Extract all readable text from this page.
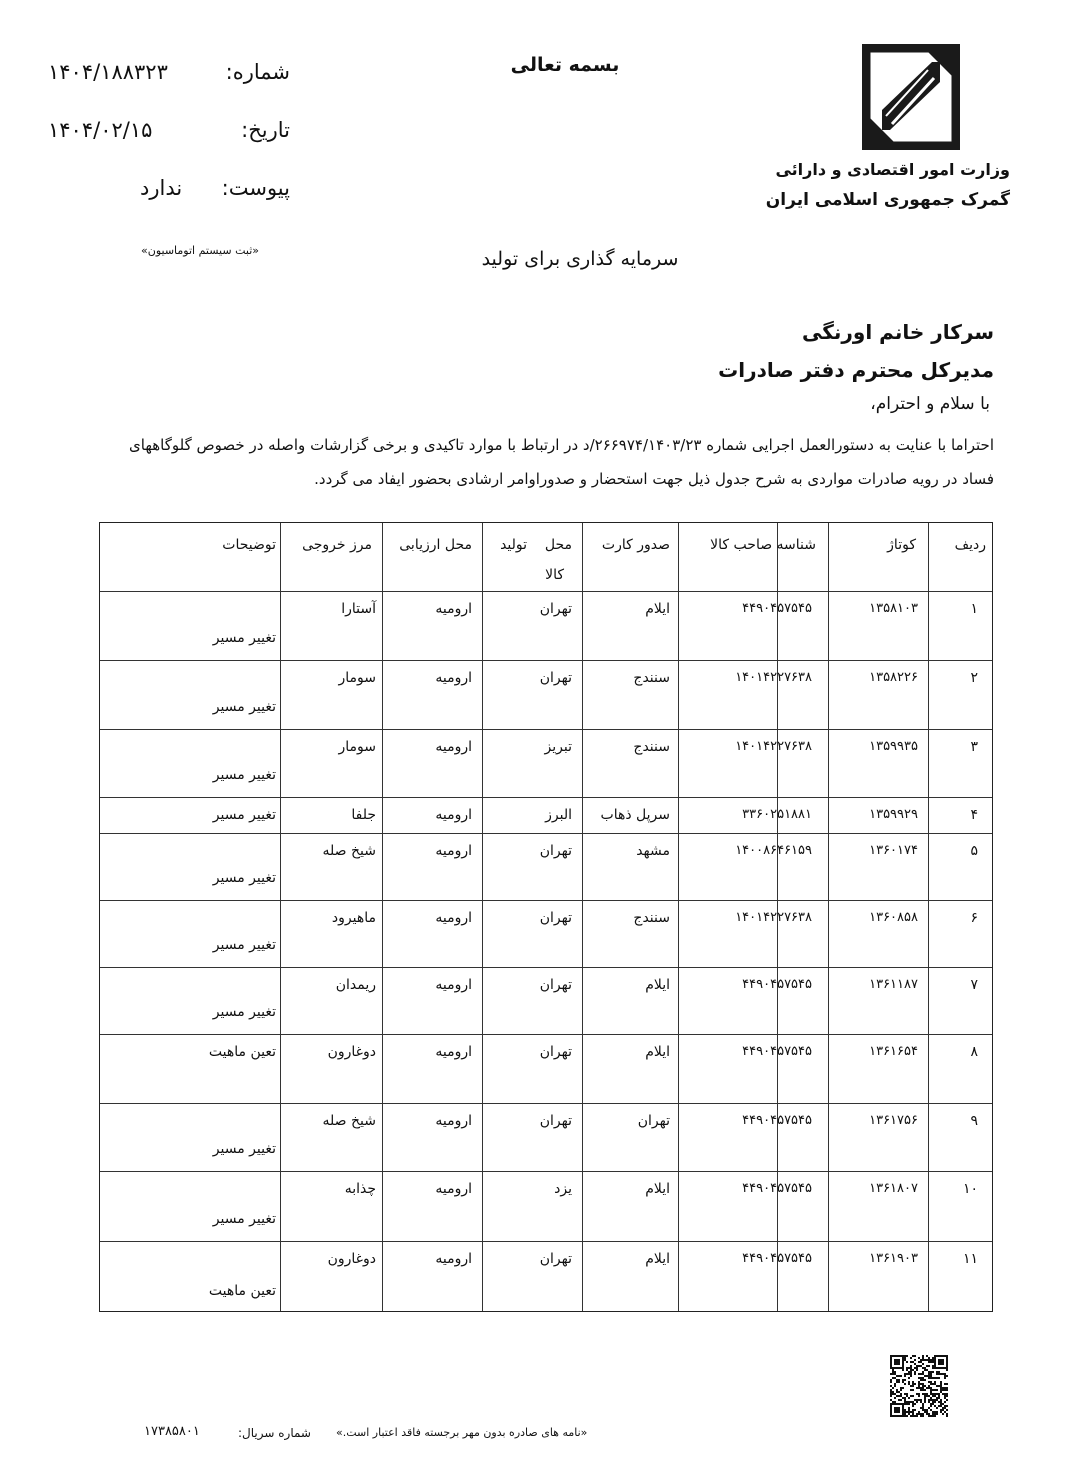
شماره:
۱۴۰۴/۱۸۸۳۲۳
تاریخ:
۱۴۰۴/۰۲/۱۵
پیوست:
ندارد
بسمه تعالی
وزارت امور اقتصادی و دارائی
گمرک جمهوری اسلامی ایران
«ثبت سیستم اتوماسیون»	سرمایه گذاری برای تولید
سرکار خانم اورنگی
مدیرکل محترم دفتر صادرات
با سلام و احترام،
احتراما با عنایت به دستورالعمل اجرایی شماره ۲۶۶۹۷۴/۱۴۰۳/۲۳/د در ارتباط با موارد تاکیدی و برخی گزارشات واصله در خصوص گلوگاههای
فساد در رویه صادرات مواردی به شرح جدول ذیل جهت استحضار و صدوراوامر ارشادی بحضور ایفاد می گردد.
ردیف
کوتاژ
شناسه صاحب کالا
صدور کارت
محل    تولید
کالا
محل ارزیابی
مرز خروجی
توضیحات
۱
۱۳۵۸۱۰۳
۴۴۹۰۴۵۷۵۴۵
ایلام
تهران
ارومیه
آستارا
تغییر مسیر
۲
۱۳۵۸۲۲۶
۱۴۰۱۴۲۲۷۶۳۸
سنندج
تهران
ارومیه
سومار
تغییر مسیر
۳
۱۳۵۹۹۳۵
۱۴۰۱۴۲۲۷۶۳۸
سنندج
تبریز
ارومیه
سومار
تغییر مسیر
۴
۱۳۵۹۹۲۹
۳۳۶۰۲۵۱۸۸۱
سرپل ذهاب
البرز
ارومیه
جلفا
تغییر مسیر
۵
۱۳۶۰۱۷۴
۱۴۰۰۸۶۴۶۱۵۹
مشهد
تهران
ارومیه
شیخ صله
تغییر مسیر
۶
۱۳۶۰۸۵۸
۱۴۰۱۴۲۲۷۶۳۸
سنندج
تهران
ارومیه
ماهیرود
تغییر مسیر
۷
۱۳۶۱۱۸۷
۴۴۹۰۴۵۷۵۴۵
ایلام
تهران
ارومیه
ریمدان
تغییر مسیر
۸
۱۳۶۱۶۵۴
۴۴۹۰۴۵۷۵۴۵
ایلام
تهران
ارومیه
دوغارون
تعین ماهیت
۹
۱۳۶۱۷۵۶
۴۴۹۰۴۵۷۵۴۵
تهران
تهران
ارومیه
شیخ صله
تغییر مسیر
۱۰
۱۳۶۱۸۰۷
۴۴۹۰۴۵۷۵۴۵
ایلام
یزد
ارومیه
چذابه
تغییر مسیر
۱۱
۱۳۶۱۹۰۳
۴۴۹۰۴۵۷۵۴۵
ایلام
تهران
ارومیه
دوغارون
تعین ماهیت
«نامه های صادره بدون مهر برجسته فاقد اعتبار است.»
شماره سریال:
۱۷۳۸۵۸۰۱
